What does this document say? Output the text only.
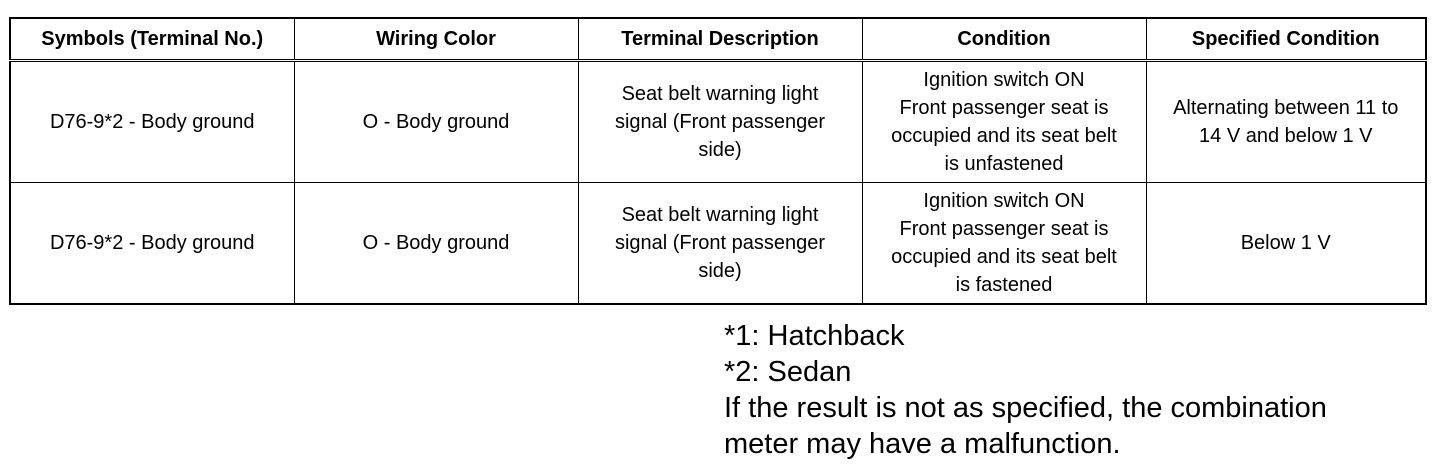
Symbols (Terminal No.)	Wiring Color	Terminal Description	Condition	Specified Condition
D76-9*2 - Body ground	O - Body ground	Seat belt warning light
signal (Front passenger
side)	Ignition switch ON
Front passenger seat is
occupied and its seat belt
is unfastened	Alternating between 11 to
14 V and below 1 V
D76-9*2 - Body ground	O - Body ground	Seat belt warning light
signal (Front passenger
side)	Ignition switch ON
Front passenger seat is
occupied and its seat belt
is fastened	Below 1 V
*1: Hatchback
*2: Sedan
If the result is not as specified, the combination
meter may have a malfunction.
